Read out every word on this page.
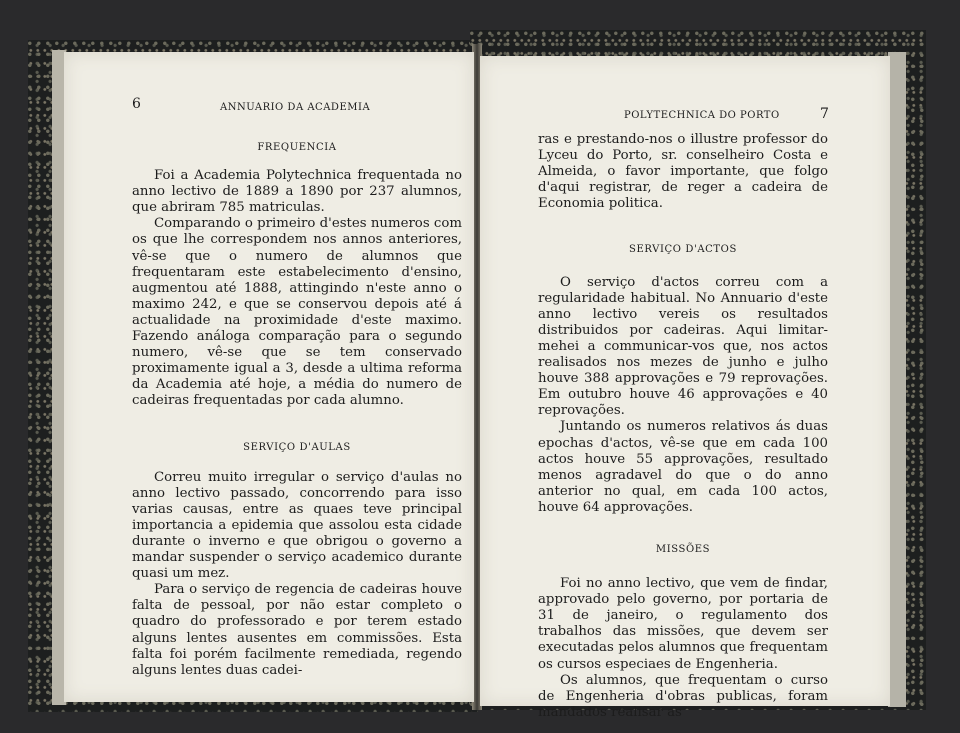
6	ANNUARIO DA ACADEMIA

FREQUENCIA

Foi a Academia Polytechnica frequentada no anno lectivo de 1889 a 1890 por 237 alumnos, que abriram 785 matriculas.

Comparando o primeiro d'estes numeros com os que lhe correspondem nos annos anteriores, vê-se que o numero de alumnos que frequentaram este estabelecimento d'ensino, augmentou até 1888, attingindo n'este anno o maximo 242, e que se conservou depois até á actualidade na proximidade d'este maximo. Fazendo análoga comparação para o segundo numero, vê-se que se tem conservado proximamente igual a 3, desde a ultima reforma da Academia até hoje, a média do numero de cadeiras frequentadas por cada alumno.

SERVIÇO D'AULAS

Correu muito irregular o serviço d'aulas no anno lectivo passado, concorrendo para isso varias causas, entre as quaes teve principal importancia a epidemia que assolou esta cidade durante o inverno e que obrigou o governo a mandar suspender o serviço academico durante quasi um mez.

Para o serviço de regencia de cadeiras houve falta de pessoal, por não estar completo o quadro do professorado e por terem estado alguns lentes ausentes em commissões. Esta falta foi porém facilmente remediada, regendo alguns lentes duas cadei-

POLYTECHNICA DO PORTO	7

ras e prestando-nos o illustre professor do Lyceu do Porto, sr. conselheiro Costa e Almeida, o favor importante, que folgo d'aqui registrar, de reger a cadeira de Economia politica.

SERVIÇO D'ACTOS

O serviço d'actos correu com a regularidade habitual. No Annuario d'este anno lectivo vereis os resultados distribuidos por cadeiras. Aqui limitar-mehei a communicar-vos que, nos actos realisados nos mezes de junho e julho houve 388 approvações e 79 reprovações. Em outubro houve 46 approvações e 40 reprovações.

Juntando os numeros relativos ás duas epochas d'actos, vê-se que em cada 100 actos houve 55 approvações, resultado menos agradavel do que o do anno anterior no qual, em cada 100 actos, houve 64 approvações.

MISSÕES

Foi no anno lectivo, que vem de findar, approvado pelo governo, por portaria de 31 de janeiro, o regulamento dos trabalhos das missões, que devem ser executadas pelos alumnos que frequentam os cursos especiaes de Engenheria.

Os alumnos, que frequentam o curso de Engenheria d'obras publicas, foram mandados realisar as
